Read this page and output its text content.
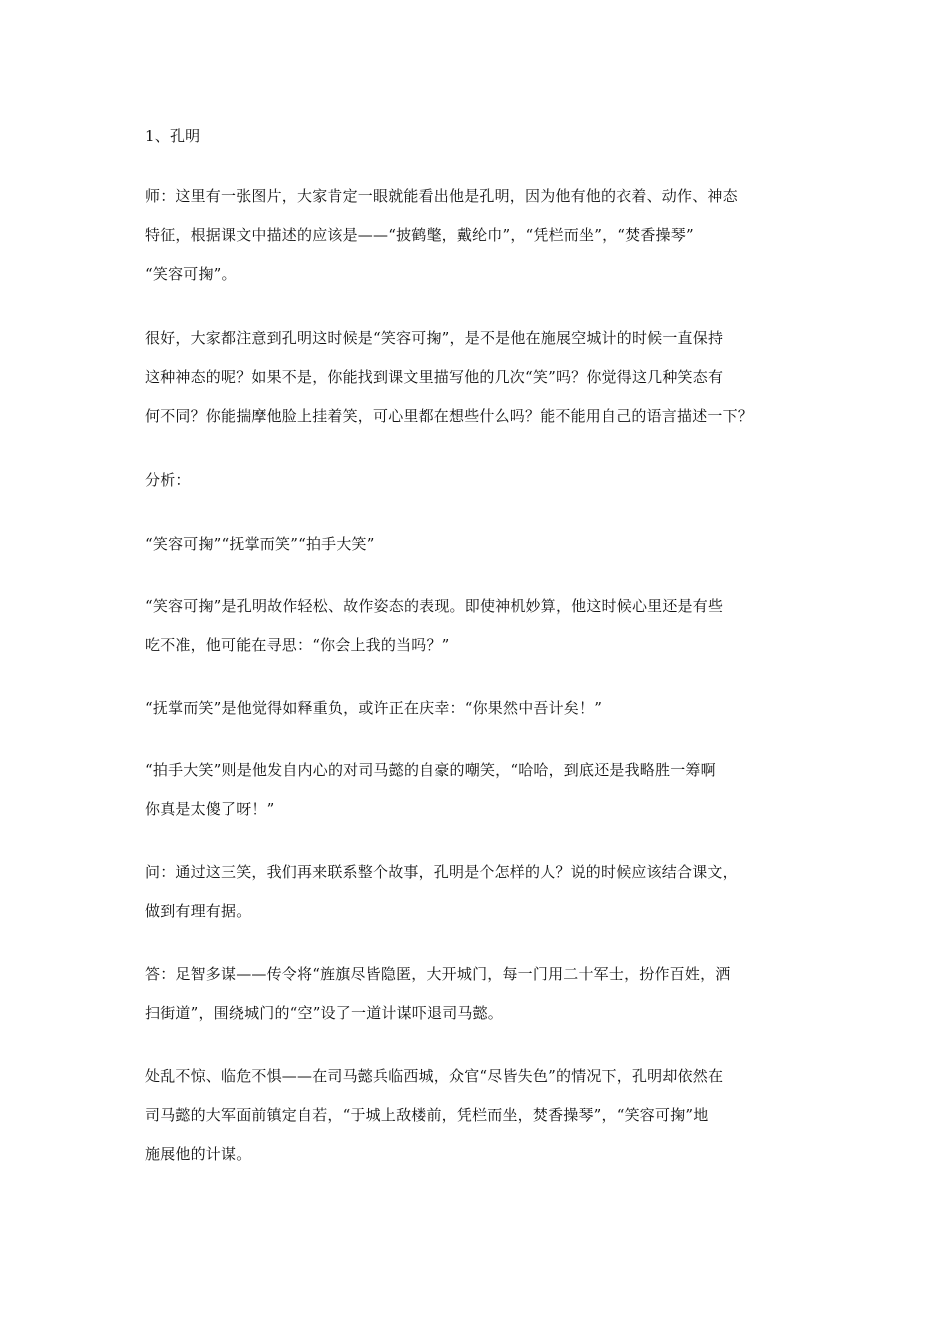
1、孔明

师：这里有一张图片，大家肯定一眼就能看出他是孔明，因为他有他的衣着、动作、神态
特征，根据课文中描述的应该是——“披鹤氅，戴纶巾”，“凭栏而坐”，“焚香操琴”
“笑容可掬”。

很好，大家都注意到孔明这时候是“笑容可掬”，是不是他在施展空城计的时候一直保持
这种神态的呢？如果不是，你能找到课文里描写他的几次“笑”吗？你觉得这几种笑态有
何不同？你能揣摩他脸上挂着笑，可心里都在想些什么吗？能不能用自己的语言描述一下？

分析：

“笑容可掬”“抚掌而笑”“拍手大笑”

“笑容可掬”是孔明故作轻松、故作姿态的表现。即使神机妙算，他这时候心里还是有些
吃不准，他可能在寻思：“你会上我的当吗？”

“抚掌而笑”是他觉得如释重负，或许正在庆幸：“你果然中吾计矣！”

“拍手大笑”则是他发自内心的对司马懿的自豪的嘲笑，“哈哈，到底还是我略胜一筹啊
你真是太傻了呀！”

问：通过这三笑，我们再来联系整个故事，孔明是个怎样的人？说的时候应该结合课文，
做到有理有据。

答：足智多谋——传令将“旌旗尽皆隐匿，大开城门，每一门用二十军士，扮作百姓，洒
扫街道”，围绕城门的“空”设了一道计谋吓退司马懿。

处乱不惊、临危不惧——在司马懿兵临西城，众官“尽皆失色”的情况下，孔明却依然在
司马懿的大军面前镇定自若，“于城上敌楼前，凭栏而坐，焚香操琴”，“笑容可掬”地
施展他的计谋。
